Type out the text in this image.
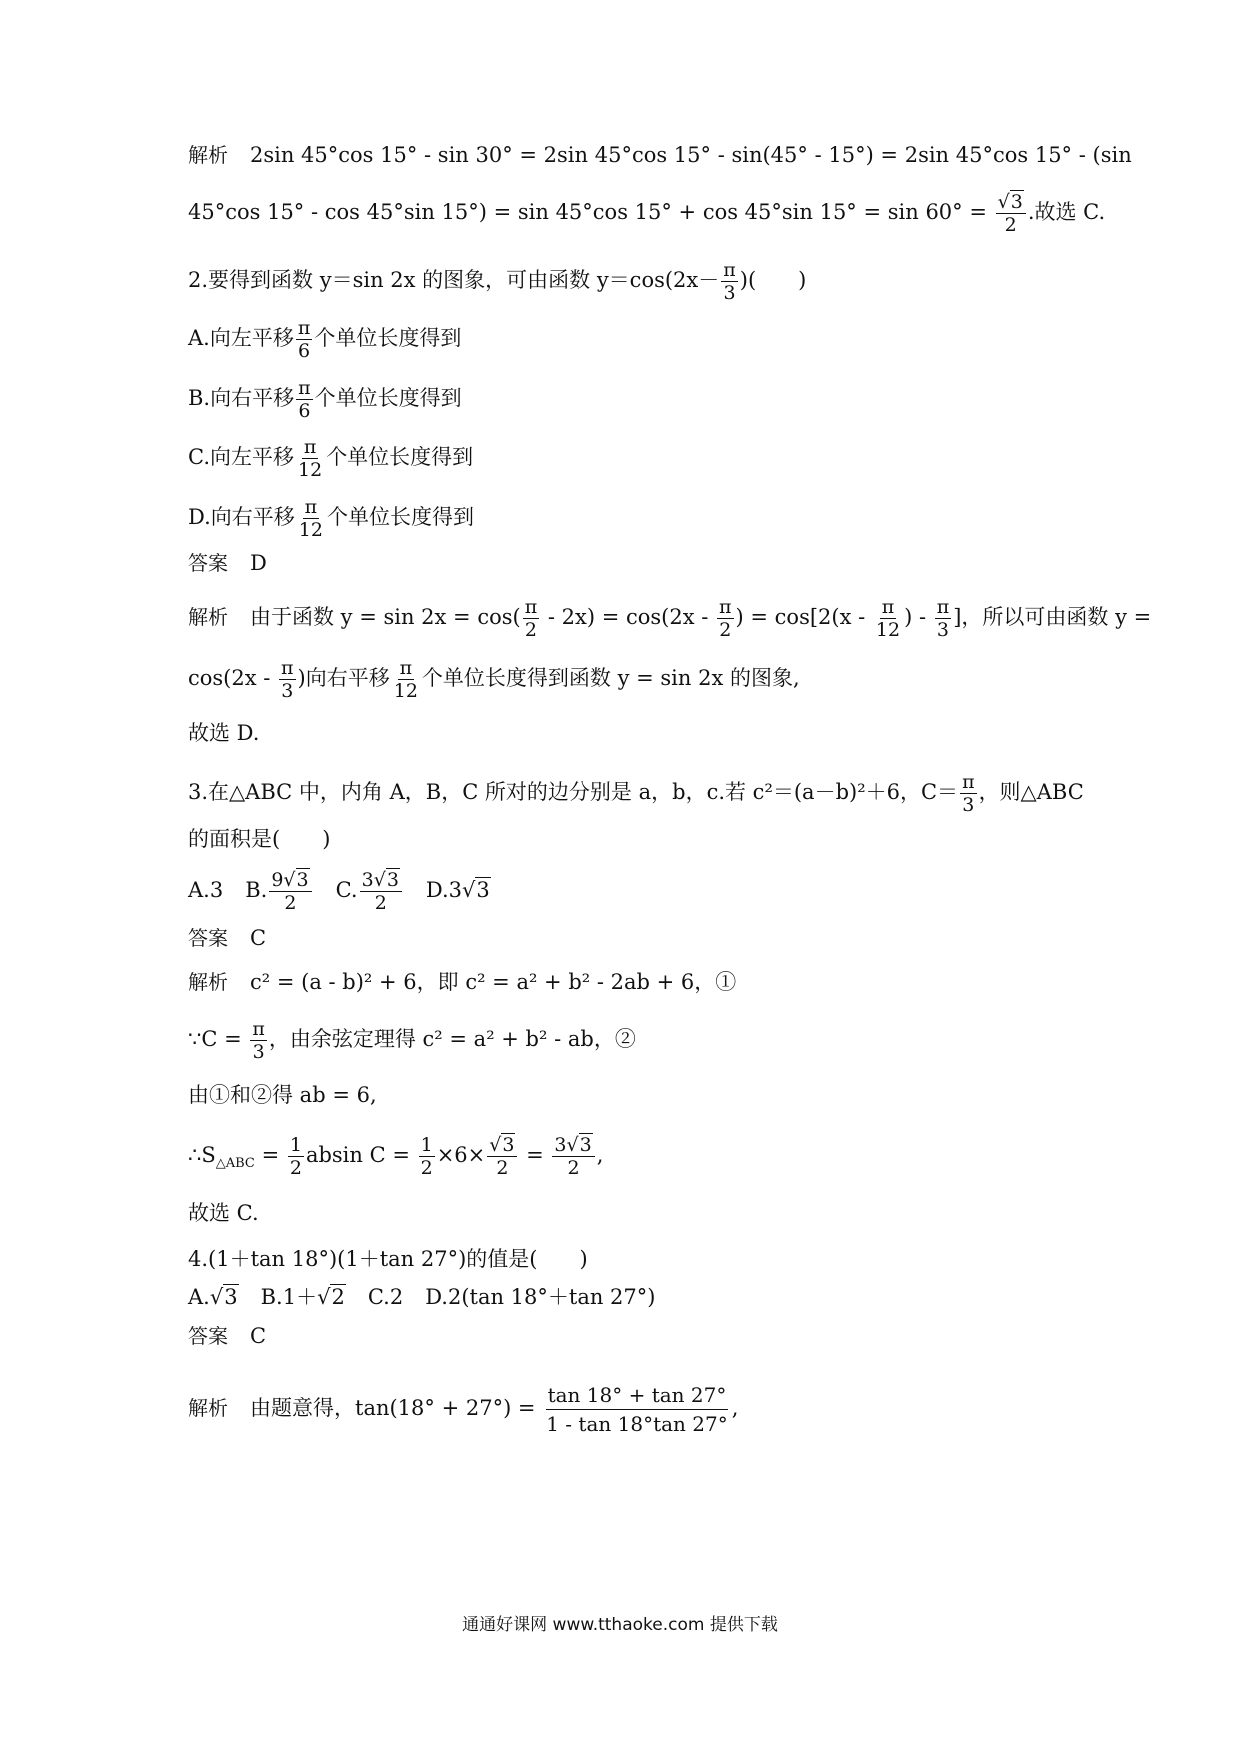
解析 2sin 45°cos 15° - sin 30° = 2sin 45°cos 15° - sin(45° - 15°) = 2sin 45°cos 15° - (sin
45°cos 15° - cos 45°sin 15°) = sin 45°cos 15° + cos 45°sin $15^\circ = \sin 60^\circ = \frac{√3}{2}$ .故选 C.
2.要得到函数 y＝sin 2x 的图象，可由函数 $y=\cos(2x- \frac{\pi}{3}$ )(　　)
A.向左平移 $\frac{\pi}{6}$ 个单位长度得到
B.向右平移 $\frac{\pi}{6}$ 个单位长度得到
C.向左平移 $\frac{\pi}{12}$ 个单位长度得到
D.向右平移 $\frac{\pi}{12}$ 个单位长度得到
答案 D
解析 由于函数 $y = \sin 2x = \cos( \frac{\pi}{2} - 2x) = \cos(2x - \frac{\pi}{2}$ ) = $\cos[2(x - \frac{\pi}{12}$ ) - $\frac{\pi}{3}$ ]，所以可由函数 y =
$\cos(2x - \frac{\pi}{3}$ )向右平移 $\frac{\pi}{12}$ 个单位长度得到函数 y = sin 2x 的图象,
故选 D.
3.在△ABC 中，内角 A，B，C 所对的边分别是 a，b，c.若 c²＝(a－b)²＋6，$C= \frac{\pi}{3}$ ，则△ABC
的面积是(　　)
A.3 B. $\frac{9√3}{2} C$. $\frac{3√3}{2} D.3√3$
答案 C
解析 c² = (a - b)² + 6，即 c² = a² + b² - 2ab + 6，①
∵C = $\frac{\pi}{3}$ ，由余弦定理得 c² = a² + b² - ab，②
由①和②得 ab = 6,
$\therefore S_{\triangle ABC} = \frac{1}{2}$ absin $C = \frac{1}{2} \times 6\times \frac{√3}{2} = \frac{3√3}{2}$ ,
故选 C.
4.(1＋tan 18°)(1＋tan 27°)的值是(　　)
A.√3 B.1＋√2 C.2 D.2(tan 18°＋tan 27°)
答案 C
解析 由题意得，$\tan(18^\circ + 27^\circ) = \frac{\tan 18^\circ + \tan 27^\circ}{1 - \tan 18^\circ\tan 27^\circ}$ ,
通通好课网 www.tthaoke.com 提供下载
